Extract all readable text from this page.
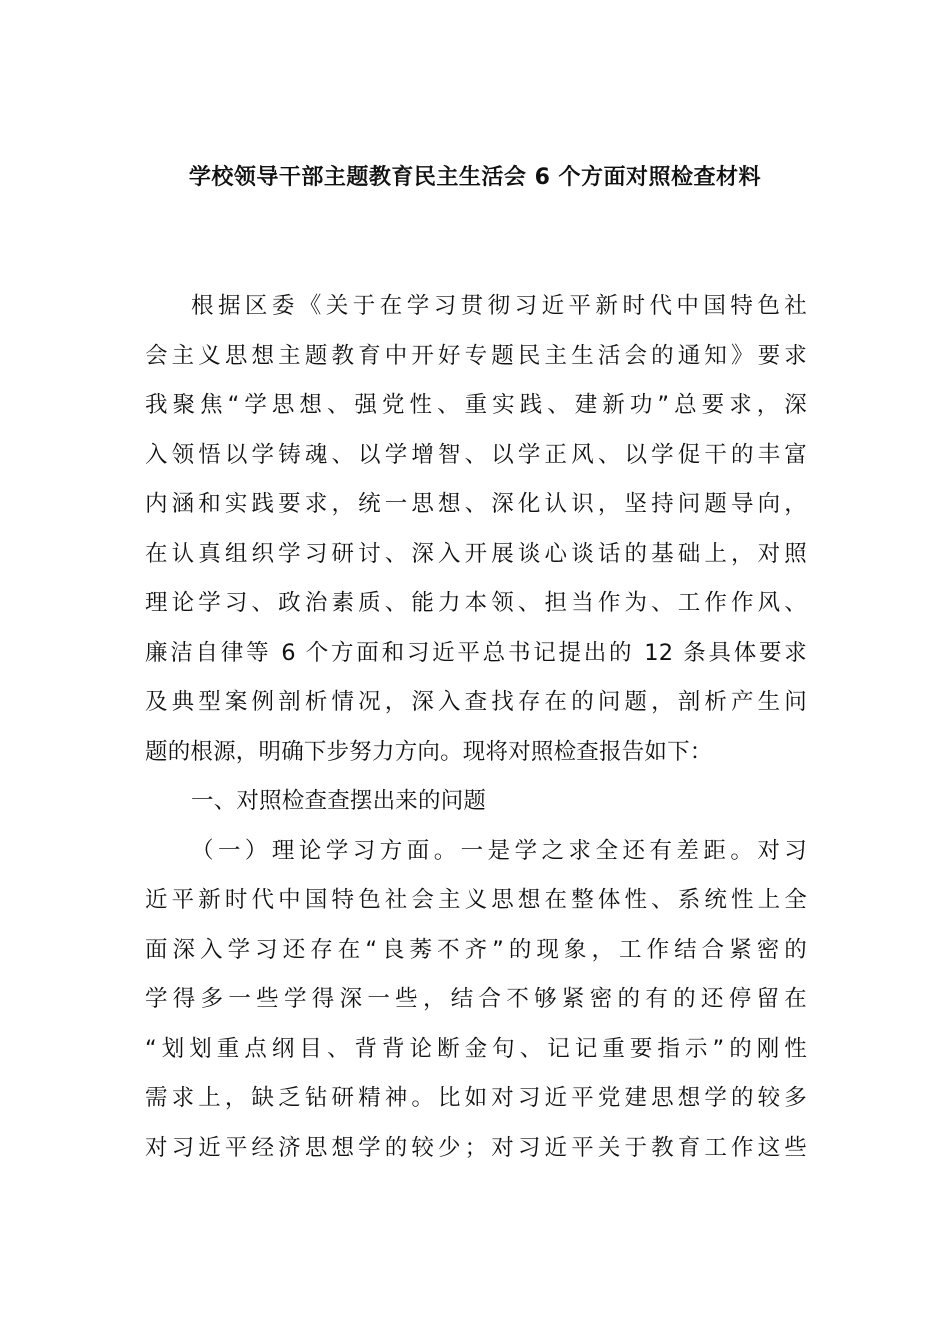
学校领导干部主题教育民主生活会 6 个方面对照检查材料
根据区委《关于在学习贯彻习近平新时代中国特色社
会主义思想主题教育中开好专题民主生活会的通知》要求
我聚焦“学思想、强党性、重实践、建新功”总要求，深
入领悟以学铸魂、以学增智、以学正风、以学促干的丰富
内涵和实践要求，统一思想、深化认识，坚持问题导向，
在认真组织学习研讨、深入开展谈心谈话的基础上，对照
理论学习、政治素质、能力本领、担当作为、工作作风、
廉洁自律等 6 个方面和习近平总书记提出的 12 条具体要求
及典型案例剖析情况，深入查找存在的问题，剖析产生问
题的根源，明确下步努力方向。现将对照检查报告如下：
一、对照检查查摆出来的问题
（一）理论学习方面。一是学之求全还有差距。对习
近平新时代中国特色社会主义思想在整体性、系统性上全
面深入学习还存在“良莠不齐”的现象，工作结合紧密的
学得多一些学得深一些，结合不够紧密的有的还停留在
“划划重点纲目、背背论断金句、记记重要指示”的刚性
需求上，缺乏钻研精神。比如对习近平党建思想学的较多
对习近平经济思想学的较少；对习近平关于教育工作这些
